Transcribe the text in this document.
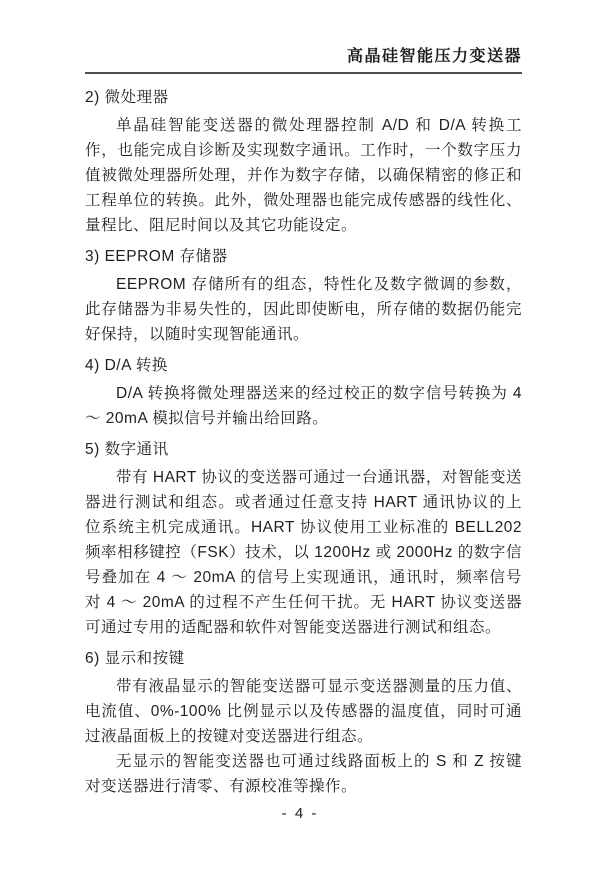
高晶硅智能压力变送器
2) 微处理器

单晶硅智能变送器的微处理器控制 A/D 和 D/A 转换工作，也能完成自诊断及实现数字通讯。工作时，一个数字压力值被微处理器所处理，并作为数字存储，以确保精密的修正和工程单位的转换。此外，微处理器也能完成传感器的线性化、量程比、阻尼时间以及其它功能设定。

3) EEPROM 存储器

EEPROM 存储所有的组态，特性化及数字微调的参数，此存储器为非易失性的，因此即使断电，所存储的数据仍能完好保持，以随时实现智能通讯。

4) D/A 转换

D/A 转换将微处理器送来的经过校正的数字信号转换为 4 ～ 20mA 模拟信号并输出给回路。

5) 数字通讯

带有 HART 协议的变送器可通过一台通讯器，对智能变送器进行测试和组态。或者通过任意支持 HART 通讯协议的上位系统主机完成通讯。HART 协议使用工业标准的 BELL202 频率相移键控（FSK）技术，以 1200Hz 或 2000Hz 的数字信号叠加在 4 ～ 20mA 的信号上实现通讯，通讯时，频率信号对 4 ～ 20mA 的过程不产生任何干扰。无 HART 协议变送器可通过专用的适配器和软件对智能变送器进行测试和组态。

6) 显示和按键

带有液晶显示的智能变送器可显示变送器测量的压力值、电流值、0%-100% 比例显示以及传感器的温度值，同时可通过液晶面板上的按键对变送器进行组态。

无显示的智能变送器也可通过线路面板上的 S 和 Z 按键对变送器进行清零、有源校准等操作。

- 4 -
